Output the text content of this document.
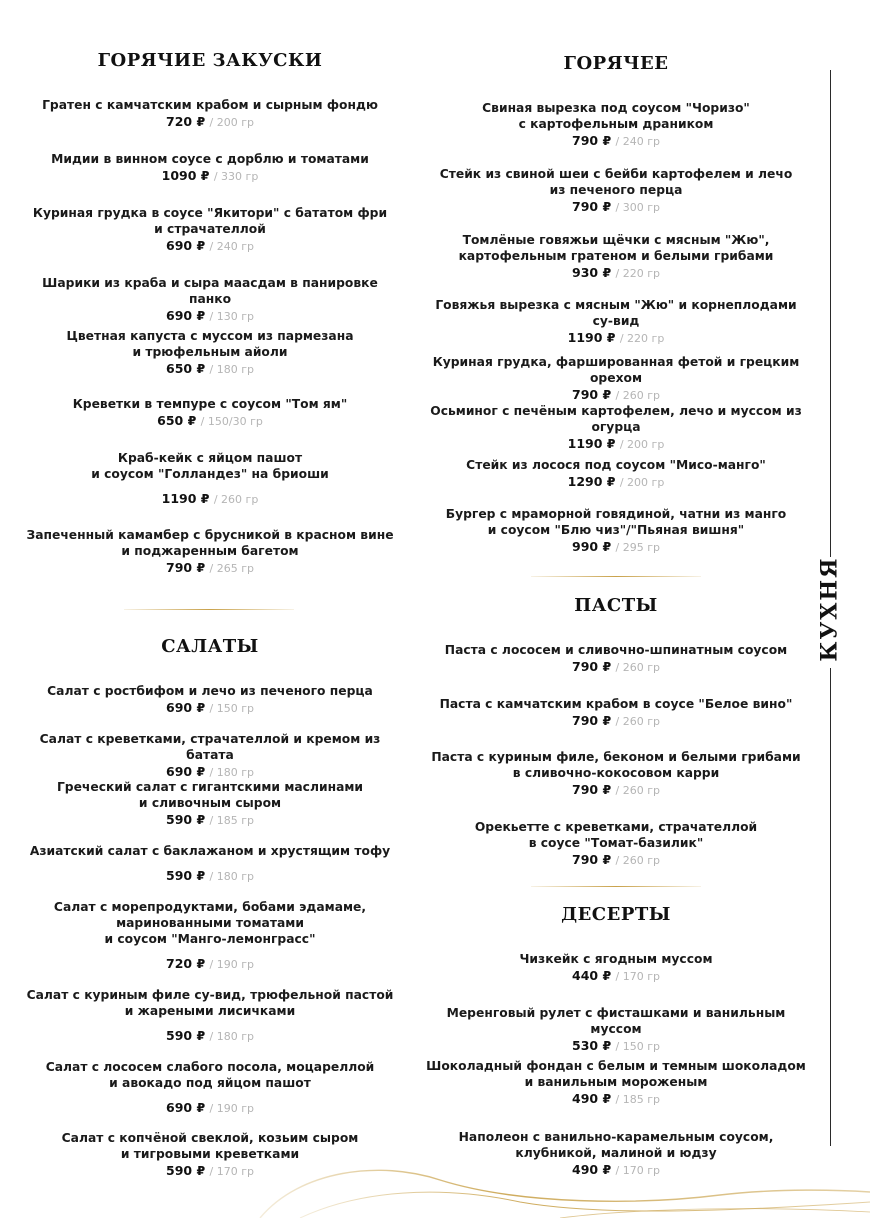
ГОРЯЧИЕ ЗАКУСКИ
Гратен с камчатским крабом и сырным фондю
720 ₽ / 200 гр
Мидии в винном соусе с дорблю и томатами
1090 ₽ / 330 гр
Куриная грудка в соусе "Якитори" с бататом фри
и страчателлой
690 ₽ / 240 гр
Шарики из краба и сыра маасдам в панировке панко
690 ₽ / 130 гр
Цветная капуста с муссом из пармезана
и трюфельным айоли
650 ₽ / 180 гр
Креветки в темпуре с соусом "Том ям"
650 ₽ / 150/30 гр
Краб-кейк с яйцом пашот
и соусом "Голландез" на бриоши
1190 ₽ / 260 гр
Запеченный камамбер с брусникой в красном вине
и поджаренным багетом
790 ₽ / 265 гр
САЛАТЫ
Салат с ростбифом и лечо из печеного перца
690 ₽ / 150 гр
Салат с креветками, страчателлой и кремом из батата
690 ₽ / 180 гр
Греческий салат с гигантскими маслинами
и сливочным сыром
590 ₽ / 185 гр
Азиатский салат с баклажаном и хрустящим тофу
590 ₽ / 180 гр
Салат с морепродуктами, бобами эдамаме,
маринованными томатами
и соусом "Манго-лемонграсс"
720 ₽ / 190 гр
Салат с куриным филе су-вид, трюфельной пастой
и жареными лисичками
590 ₽ / 180 гр
Салат с лососем слабого посола, моцареллой
и авокадо под яйцом пашот
690 ₽ / 190 гр
Салат с копчёной свеклой, козьим сыром
и тигровыми креветками
590 ₽ / 170 гр
ГОРЯЧЕЕ
Свиная вырезка под соусом "Чоризо"
с картофельным драником
790 ₽ / 240 гр
Стейк из свиной шеи с бейби картофелем и лечо
из печеного перца
790 ₽ / 300 гр
Томлёные говяжьи щёчки с мясным "Жю",
картофельным гратеном и белыми грибами
930 ₽ / 220 гр
Говяжья вырезка с мясным "Жю" и корнеплодами су-вид
1190 ₽ / 220 гр
Куриная грудка, фаршированная фетой и грецким орехом
790 ₽ / 260 гр
Осьминог с печёным картофелем, лечо и муссом из огурца
1190 ₽ / 200 гр
Стейк из лосося под соусом "Мисо-манго"
1290 ₽ / 200 гр
Бургер с мраморной говядиной, чатни из манго
и соусом "Блю чиз"/"Пьяная вишня"
990 ₽ / 295 гр
ПАСТЫ
Паста с лососем и сливочно-шпинатным соусом
790 ₽ / 260 гр
Паста с камчатским крабом в соусе "Белое вино"
790 ₽ / 260 гр
Паста с куриным филе, беконом и белыми грибами
в сливочно-кокосовом карри
790 ₽ / 260 гр
Орекьетте с креветками, страчателлой
в соусе "Томат-базилик"
790 ₽ / 260 гр
ДЕСЕРТЫ
Чизкейк с ягодным муссом
440 ₽ / 170 гр
Меренговый рулет с фисташками и ванильным муссом
530 ₽ / 150 гр
Шоколадный фондан с белым и темным шоколадом
и ванильным мороженым
490 ₽ / 185 гр
Наполеон с ванильно-карамельным соусом,
клубникой, малиной и юдзу
490 ₽ / 170 гр
КУХНЯ
